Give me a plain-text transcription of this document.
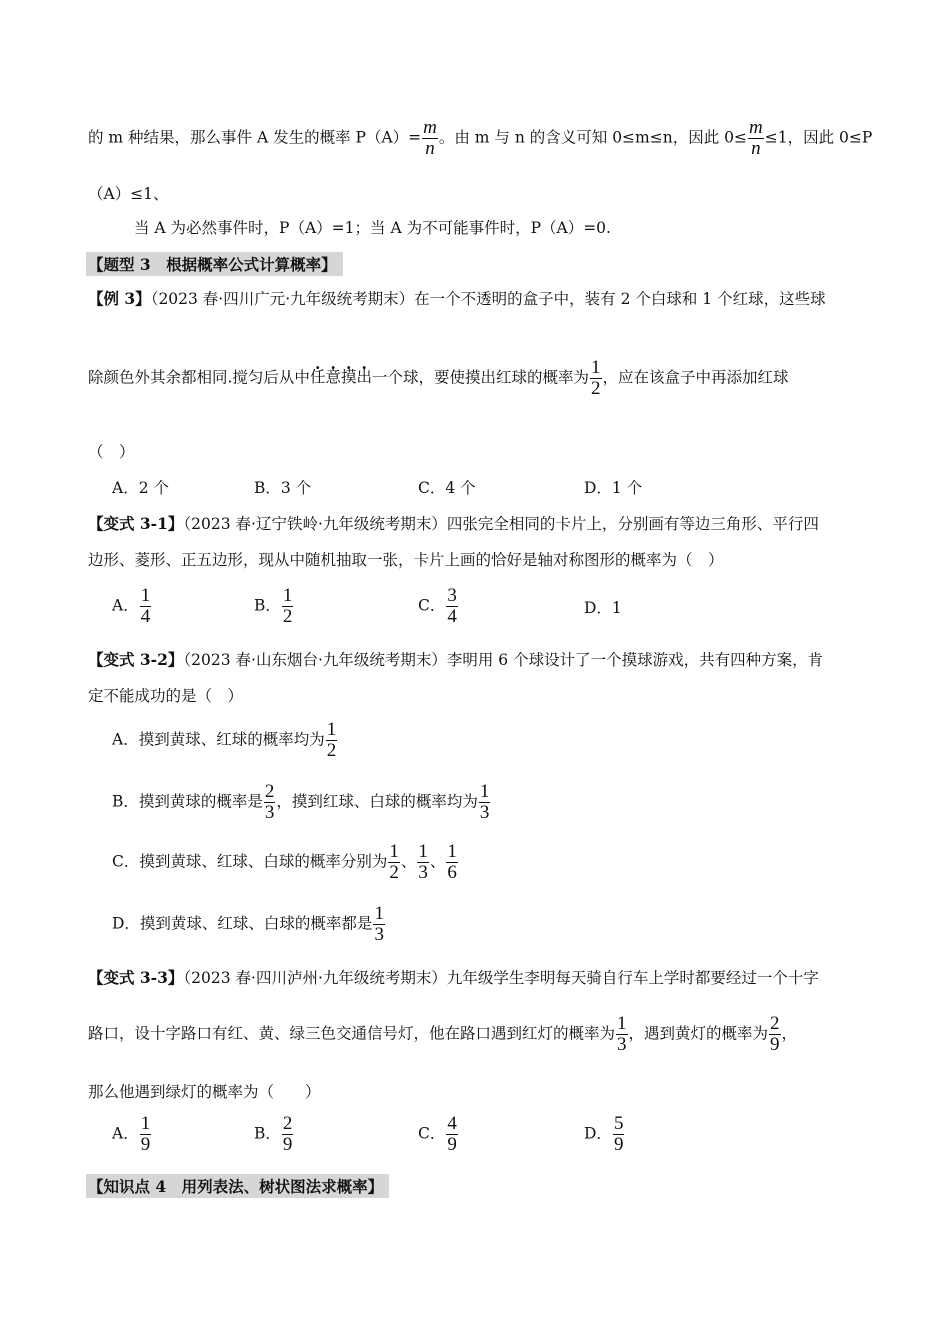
的 m 种结果，那么事件 A 发生的概率 $P(A)= \frac{m}{n}$ 。由 m 与 n 的含义可知 0≤m≤n，因此 $0\le \frac{m}{n} \le 1$，因此 0≤P
（A）≤1、
当 A 为必然事件时，P（A）=1；当 A 为不可能事件时，P（A）=0.
【题型 3　根据概率公式计算概率】
【例 3】（2023 春·四川广元·九年级统考期末）在一个不透明的盒子中，装有 2 个白球和 1 个红球，这些球
除颜色外其余都相同.搅匀后从中任意摸出一个球，要使摸出红球的概率为 $\frac{1}{2}$ ，应在该盒子中再添加红球
（　）
A．2 个	B．3 个	C．4 个	D．1 个
【变式 3-1】（2023 春·辽宁铁岭·九年级统考期末）四张完全相同的卡片上，分别画有等边三角形、平行四
边形、菱形、正五边形，现从中随机抽取一张，卡片上画的恰好是轴对称图形的概率为（　）
A． $\frac{1}{4}$	B． $\frac{1}{2}$	C． $\frac{3}{4}$	D．1
【变式 3-2】（2023 春·山东烟台·九年级统考期末）李明用 6 个球设计了一个摸球游戏，共有四种方案，肯
定不能成功的是（　）
A．摸到黄球、红球的概率均为 $\frac{1}{2}$
B．摸到黄球的概率是 $\frac{2}{3}$ ，摸到红球、白球的概率均为 $\frac{1}{3}$
C．摸到黄球、红球、白球的概率分别为 $\frac{1}{2}$ 、 $\frac{1}{3}$ 、 $\frac{1}{6}$
D．摸到黄球、红球、白球的概率都是 $\frac{1}{3}$
【变式 3-3】（2023 春·四川泸州·九年级统考期末）九年级学生李明每天骑自行车上学时都要经过一个十字
路口，设十字路口有红、黄、绿三色交通信号灯，他在路口遇到红灯的概率为 $\frac{1}{3}$ ，遇到黄灯的概率为 $\frac{2}{9}$ ，
那么他遇到绿灯的概率为（　　）
A． $\frac{1}{9}$	B． $\frac{2}{9}$	C． $\frac{4}{9}$	D． $\frac{5}{9}$
【知识点 4　用列表法、树状图法求概率】
